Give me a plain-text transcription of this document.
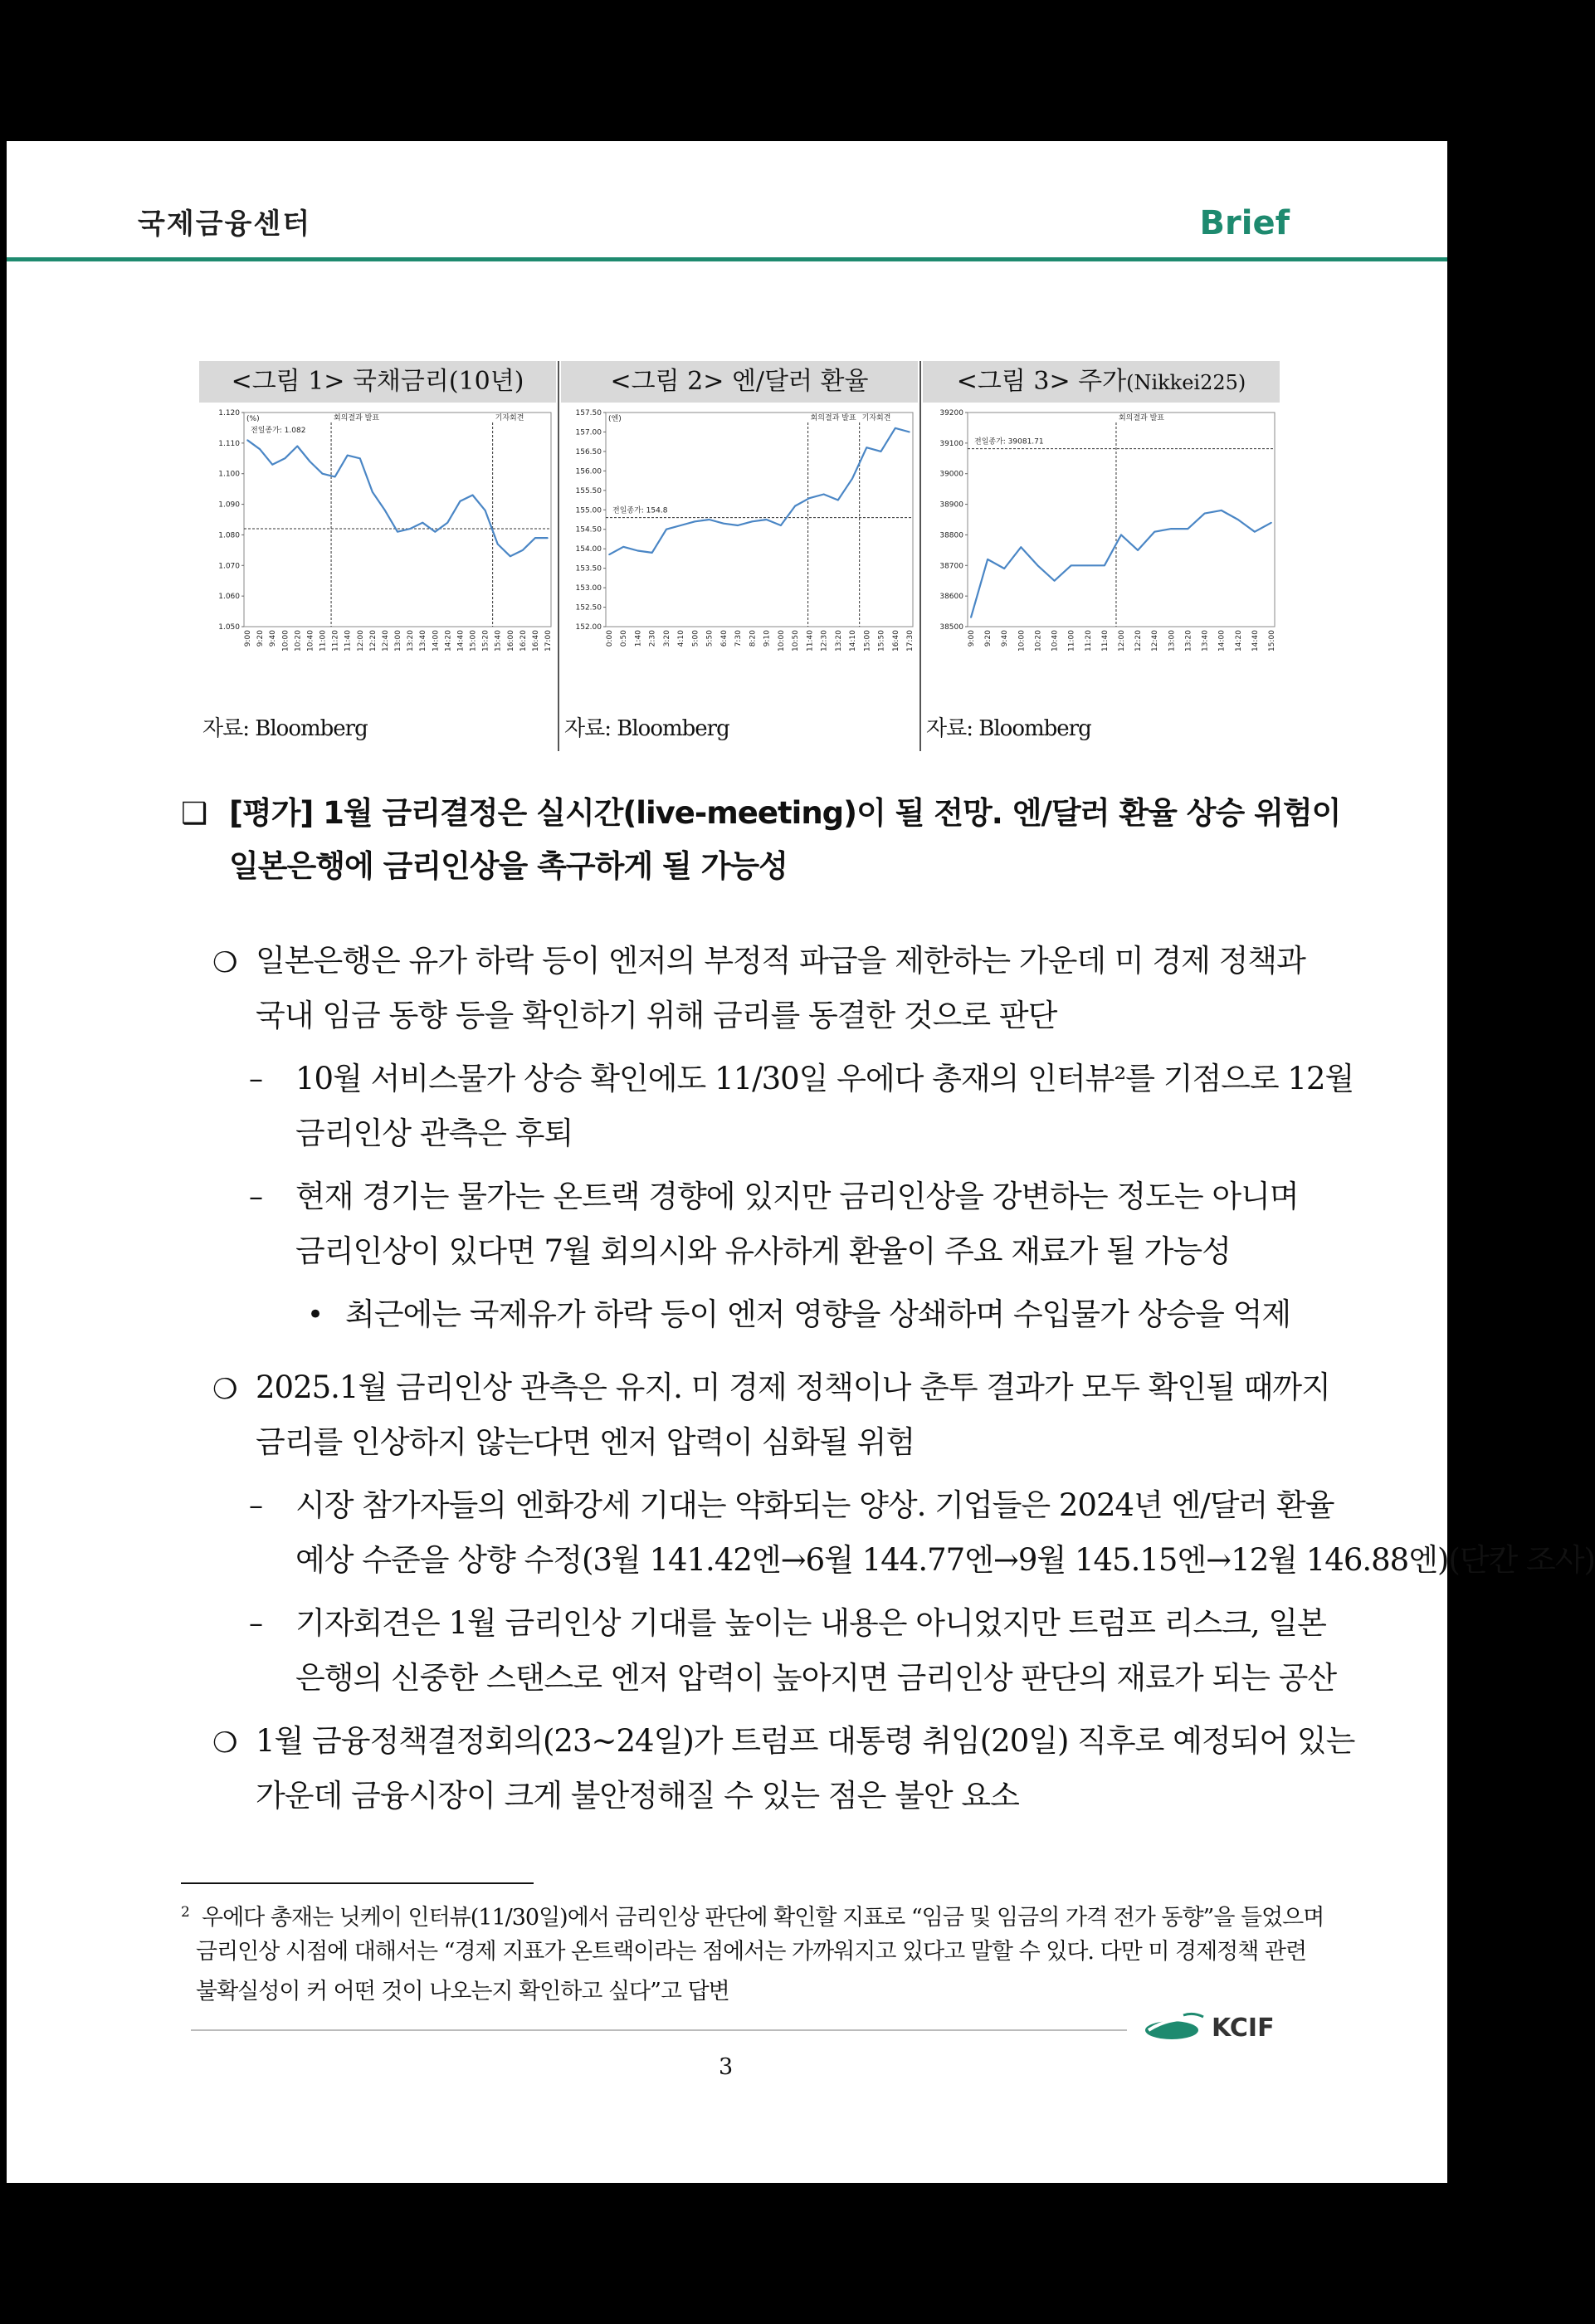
국제금융센터	Brief
<그림 1> 국채금리(10년)
1.120
1.110
1.100
1.090
1.080
1.070
1.060
1.050
9:00 9:20 9:40 10:00 10:20 10:40 11:00 11:20 11:40 12:00 12:20 12:40 13:00 13:20 13:40 14:00 14:20 14:40 15:00 15:20 15:40 16:00 16:20 16:40 17:00
전일종가: 1.082
(%)	회의결과 발표	기자회견
자료: Bloomberg
<그림 2> 엔/달러 환율
157.50
157.00
156.50
156.00
155.50
155.00
154.50
154.00
153.50
153.00
152.50
152.00
0:00 0:50 1:40 2:30 3:20 4:10 5:00 5:50 6:40 7:30 8:20 9:10 10:00 10:50 11:40 12:30 13:20 14:10 15:00 15:50 16:40 17:30
전일종가: 154.8
(엔)	회의결과 발표 기자회견
자료: Bloomberg
<그림 3> 주가(Nikkei225)
39200
39100
39000
38900
38800
38700
38600
38500
9:00 9:20 9:40 10:00 10:20 10:40 11:00 11:20 11:40 12:00 12:20 12:40 13:00 13:20 13:40 14:00 14:20 14:40 15:00
전일종가: 39081.71
회의결과 발표
자료: Bloomberg
❑ [평가] 1월 금리결정은 실시간(live-meeting)이 될 전망. 엔/달러 환율 상승 위험이
일본은행에 금리인상을 촉구하게 될 가능성
❍ 일본은행은 유가 하락 등이 엔저의 부정적 파급을 제한하는 가운데 미 경제 정책과
국내 임금 동향 등을 확인하기 위해 금리를 동결한 것으로 판단
– 10월 서비스물가 상승 확인에도 11/30일 우에다 총재의 인터뷰²를 기점으로 12월
금리인상 관측은 후퇴
– 현재 경기는 물가는 온트랙 경향에 있지만 금리인상을 강변하는 정도는 아니며
금리인상이 있다면 7월 회의시와 유사하게 환율이 주요 재료가 될 가능성
• 최근에는 국제유가 하락 등이 엔저 영향을 상쇄하며 수입물가 상승을 억제
❍ 2025.1월 금리인상 관측은 유지. 미 경제 정책이나 춘투 결과가 모두 확인될 때까지
금리를 인상하지 않는다면 엔저 압력이 심화될 위험
– 시장 참가자들의 엔화강세 기대는 약화되는 양상. 기업들은 2024년 엔/달러 환율
예상 수준을 상향 수정(3월 141.42엔→6월 144.77엔→9월 145.15엔→12월 146.88엔)(단칸 조사)
– 기자회견은 1월 금리인상 기대를 높이는 내용은 아니었지만 트럼프 리스크, 일본
은행의 신중한 스탠스로 엔저 압력이 높아지면 금리인상 판단의 재료가 되는 공산
❍ 1월 금융정책결정회의(23~24일)가 트럼프 대통령 취임(20일) 직후로 예정되어 있는
가운데 금융시장이 크게 불안정해질 수 있는 점은 불안 요소
$^2$ 우에다 총재는 닛케이 인터뷰(11/30일)에서 금리인상 판단에 확인할 지표로 “임금 및 임금의 가격 전가 동향”을 들었으며
금리인상 시점에 대해서는 “경제 지표가 온트랙이라는 점에서는 가까워지고 있다고 말할 수 있다. 다만 미 경제정책 관련
불확실성이 커 어떤 것이 나오는지 확인하고 싶다”고 답변
KCIF
3
